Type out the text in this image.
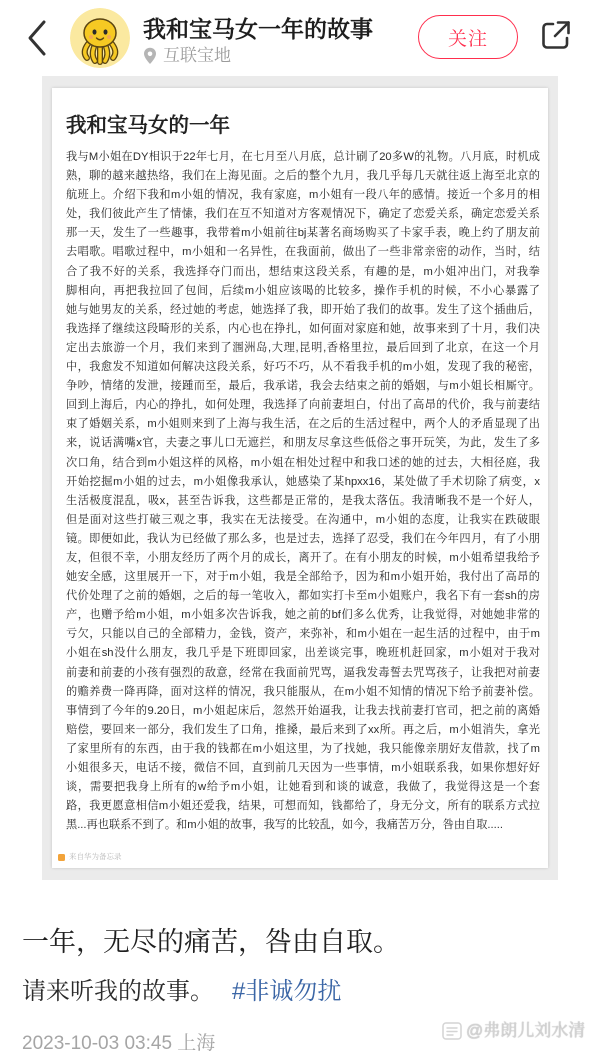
我和宝马女一年的故事
互联宝地
关注
我和宝马女的一年
我与M小姐在DY相识于22年七月，在七月至八月底，总计刷了20多W的礼物。八月底，时机成
熟，聊的越来越热络，我们在上海见面。之后的整个九月，我几乎每几天就往返上海至北京的
航班上。介绍下我和m小姐的情况，我有家庭，m小姐有一段八年的感情。接近一个多月的相
处，我们彼此产生了情愫，我们在互不知道对方客观情况下，确定了恋爱关系，确定恋爱关系
那一天，发生了一些趣事，我带着m小姐前往bj某著名商场购买了卡家手表，晚上约了朋友前
去唱歌。唱歌过程中，m小姐和一名异性，在我面前，做出了一些非常亲密的动作，当时，结
合了我不好的关系，我选择夺门而出，想结束这段关系，有趣的是，m小姐冲出门，对我拳
脚相向，再把我拉回了包间，后续m小姐应该喝的比较多，操作手机的时候，不小心暴露了
她与她男友的关系，经过她的考虑，她选择了我，即开始了我们的故事。发生了这个插曲后，
我选择了继续这段畸形的关系，内心也在挣扎，如何面对家庭和她，故事来到了十月，我们决
定出去旅游一个月，我们来到了涠洲岛,大理,昆明,香格里拉，最后回到了北京，在这一个月
中，我愈发不知道如何解决这段关系，好巧不巧，从不看我手机的m小姐，发现了我的秘密，
争吵，情绪的发泄，接踵而至，最后，我承诺，我会去结束之前的婚姻，与m小姐长相厮守。
回到上海后，内心的挣扎，如何处理，我选择了向前妻坦白，付出了高昂的代价，我与前妻结
束了婚姻关系，m小姐则来到了上海与我生活，在之后的生活过程中，两个人的矛盾显现了出
来，说话满嘴x官，夫妻之事儿口无遮拦，和朋友尽拿这些低俗之事开玩笑，为此，发生了多
次口角，结合到m小姐这样的风格，m小姐在相处过程中和我口述的她的过去，大相径庭，我
开始挖掘m小姐的过去，m小姐像我承认，她感染了某hpxx16，某处做了手术切除了病变，x
生活极度混乱，吸x，甚至告诉我，这些都是正常的，是我太落伍。我清晰我不是一个好人，
但是面对这些打破三观之事，我实在无法接受。在沟通中，m小姐的态度，让我实在跌破眼
镜。即便如此，我认为已经做了那么多，也是过去，选择了忍受，我们在今年四月，有了小朋
友，但很不幸，小朋友经历了两个月的成长，离开了。在有小朋友的时候，m小姐希望我给予
她安全感，这里展开一下，对于m小姐，我是全部给予，因为和m小姐开始，我付出了高昂的
代价处理了之前的婚姻，之后的每一笔收入，都如实打卡至m小姐账户，我名下有一套sh的房
产，也赠予给m小姐，m小姐多次告诉我，她之前的bf们多么优秀，让我觉得，对她她非常的
亏欠，只能以自己的全部精力，金钱，资产，来弥补，和m小姐在一起生活的过程中，由于m
小姐在sh没什么朋友，我几乎是下班即回家，出差谈完事，晚班机赶回家，m小姐对于我对
前妻和前妻的小孩有强烈的敌意，经常在我面前咒骂，逼我发毒誓去咒骂孩子，让我把对前妻
的赡养费一降再降，面对这样的情况，我只能服从，在m小姐不知情的情况下给予前妻补偿。
事情到了今年的9.20日，m小姐起床后，忽然开始逼我，让我去找前妻打官司，把之前的离婚
赔偿，要回来一部分，我们发生了口角，推搡，最后来到了xx所。再之后，m小姐消失，拿光
了家里所有的东西，由于我的钱都在m小姐这里，为了找她，我只能像亲朋好友借款，找了m
小姐很多天，电话不接，微信不回，直到前几天因为一些事情，m小姐联系我，如果你想好好
谈，需要把我身上所有的w给予m小姐，让她看到和谈的诚意，我做了，我觉得这是一个套
路，我更愿意相信m小姐还爱我，结果，可想而知，钱都给了，身无分文，所有的联系方式拉
黑...再也联系不到了。和m小姐的故事，我写的比较乱，如今，我痛苦万分，咎由自取.....
来自华为备忘录
一年，无尽的痛苦，咎由自取。
请来听我的故事。 #非诚勿扰
2023-10-03 03:45 上海
@弗朗儿刘水清
